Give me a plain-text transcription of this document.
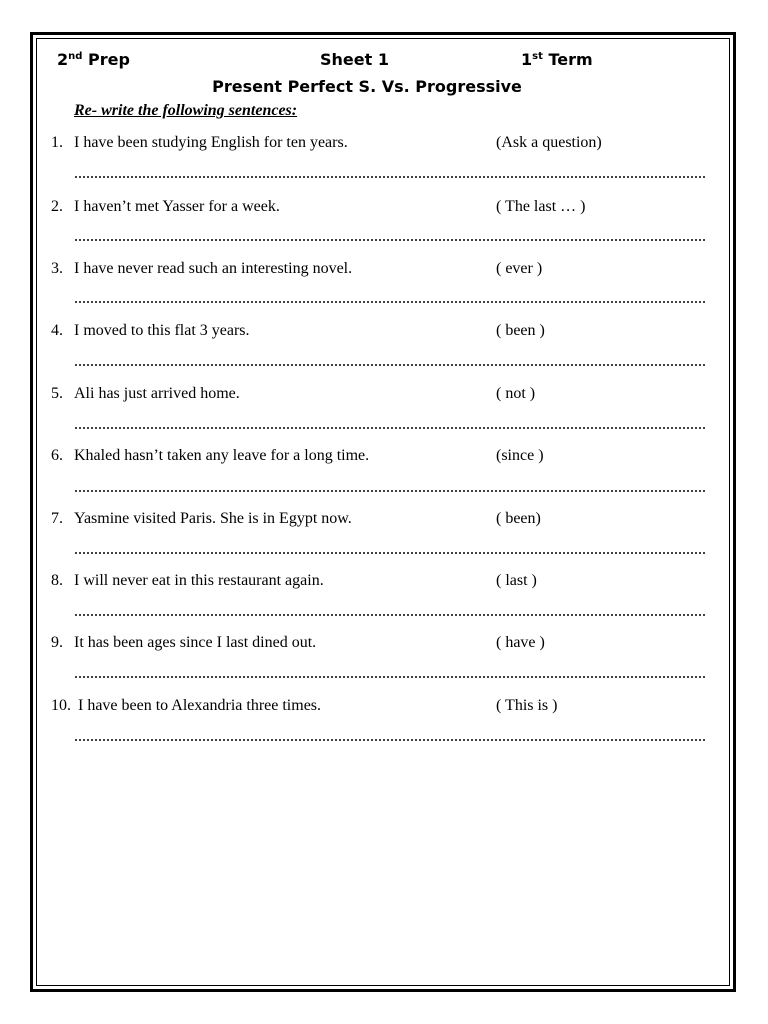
2nd Prep	Sheet 1	1st Term
Present Perfect S. Vs. Progressive
Re- write the following sentences:
1. I have been studying English for ten years.	(Ask a question)
2. I haven’t met Yasser for a week.	( The last … )
3. I have never read such an interesting novel.	( ever )
4. I moved to this flat 3 years.	( been )
5. Ali has just arrived home.	( not )
6. Khaled hasn’t taken any leave for a long time.	(since )
7. Yasmine visited Paris. She is in Egypt now.	( been)
8. I will never eat in this restaurant again.	( last )
9. It has been ages since I last dined out.	( have )
10. I have been to Alexandria three times.	( This is )
